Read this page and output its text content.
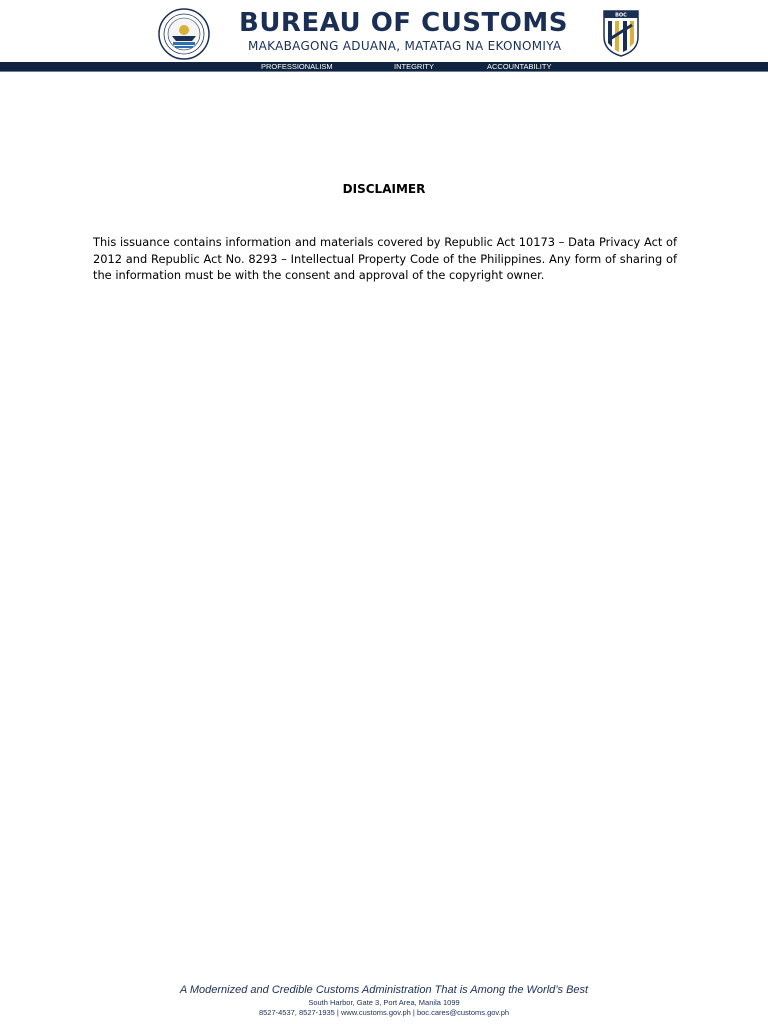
BUREAU OF CUSTOMS
MAKABAGONG ADUANA, MATATAG NA EKONOMIYA
BOC
PROFESSIONALISM	INTEGRITY	ACCOUNTABILITY
DISCLAIMER
This issuance contains information and materials covered by Republic Act 10173 – Data Privacy Act of 2012 and Republic Act No. 8293 – Intellectual Property Code of the Philippines. Any form of sharing of the information must be with the consent and approval of the copyright owner.
A Modernized and Credible Customs Administration That is Among the World’s Best
South Harbor, Gate 3, Port Area, Manila 1099
8527-4537, 8527-1935 | www.customs.gov.ph | boc.cares@customs.gov.ph
